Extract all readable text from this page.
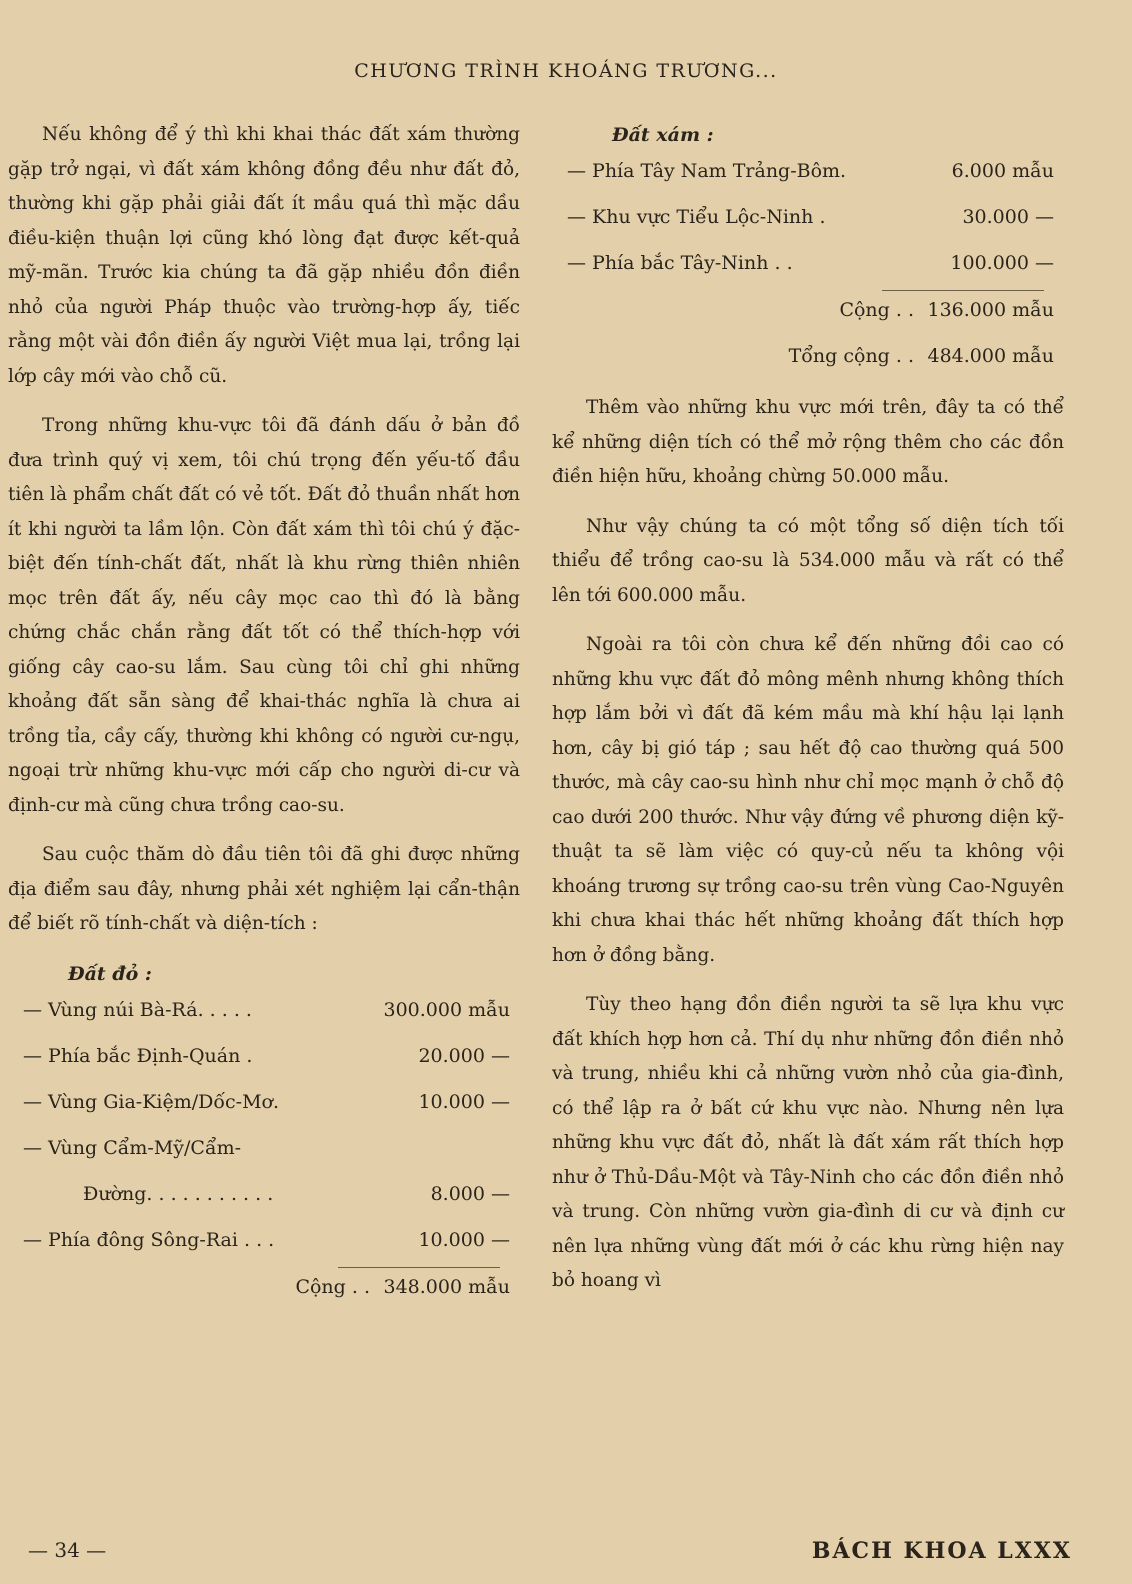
CHƯƠNG TRÌNH KHOÁNG TRƯƠNG...

Nếu không để ý thì khi khai thác đất xám thường gặp trở ngại, vì đất xám không đồng đều như đất đỏ, thường khi gặp phải giải đất ít mầu quá thì mặc dầu điều-kiện thuận lợi cũng khó lòng đạt được kết-quả mỹ-mãn. Trước kia chúng ta đã gặp nhiều đồn điền nhỏ của người Pháp thuộc vào trường-hợp ấy, tiếc rằng một vài đồn điền ấy người Việt mua lại, trồng lại lớp cây mới vào chỗ cũ.

Trong những khu-vực tôi đã đánh dấu ở bản đồ đưa trình quý vị xem, tôi chú trọng đến yếu-tố đầu tiên là phẩm chất đất có vẻ tốt. Đất đỏ thuần nhất hơn ít khi người ta lầm lộn. Còn đất xám thì tôi chú ý đặc-biệt đến tính-chất đất, nhất là khu rừng thiên nhiên mọc trên đất ấy, nếu cây mọc cao thì đó là bằng chứng chắc chắn rằng đất tốt có thể thích-hợp với giống cây cao-su lắm. Sau cùng tôi chỉ ghi những khoảng đất sẵn sàng để khai-thác nghĩa là chưa ai trồng tỉa, cầy cấy, thường khi không có người cư-ngụ, ngoại trừ những khu-vực mới cấp cho người di-cư và định-cư mà cũng chưa trồng cao-su.

Sau cuộc thăm dò đầu tiên tôi đã ghi được những địa điểm sau đây, nhưng phải xét nghiệm lại cẩn-thận để biết rõ tính-chất và diện-tích :

Đất đỏ :
— Vùng núi Bà-Rá. . . . .	300.000 mẫu
— Phía bắc Định-Quán .	20.000 —
— Vùng Gia-Kiệm/Dốc-Mơ.	10.000 —
— Vùng Cẩm-Mỹ/Cẩm-
Đường. . . . . . . . . . .	8.000 —
— Phía đông Sông-Rai . . .	10.000 —
Cộng . . 348.000 mẫu
Đất xám :
— Phía Tây Nam Trảng-Bôm.	6.000 mẫu
— Khu vực Tiểu Lộc-Ninh .	30.000 —
— Phía bắc Tây-Ninh . .	100.000 —
Cộng . . 136.000 mẫu
Tổng cộng . . 484.000 mẫu

Thêm vào những khu vực mới trên, đây ta có thể kể những diện tích có thể mở rộng thêm cho các đồn điền hiện hữu, khoảng chừng 50.000 mẫu.

Như vậy chúng ta có một tổng số diện tích tối thiểu để trồng cao-su là 534.000 mẫu và rất có thể lên tới 600.000 mẫu.

Ngoài ra tôi còn chưa kể đến những đồi cao có những khu vực đất đỏ mông mênh nhưng không thích hợp lắm bởi vì đất đã kém mầu mà khí hậu lại lạnh hơn, cây bị gió táp ; sau hết độ cao thường quá 500 thước, mà cây cao-su hình như chỉ mọc mạnh ở chỗ độ cao dưới 200 thước. Như vậy đứng về phương diện kỹ-thuật ta sẽ làm việc có quy-củ nếu ta không vội khoáng trương sự trồng cao-su trên vùng Cao-Nguyên khi chưa khai thác hết những khoảng đất thích hợp hơn ở đồng bằng.

Tùy theo hạng đồn điền người ta sẽ lựa khu vực đất khích hợp hơn cả. Thí dụ như những đồn điền nhỏ và trung, nhiều khi cả những vườn nhỏ của gia-đình, có thể lập ra ở bất cứ khu vực nào. Nhưng nên lựa những khu vực đất đỏ, nhất là đất xám rất thích hợp như ở Thủ-Dầu-Một và Tây-Ninh cho các đồn điền nhỏ và trung. Còn những vườn gia-đình di cư và định cư nên lựa những vùng đất mới ở các khu rừng hiện nay bỏ hoang vì

— 34 —	BÁCH KHOA LXXX
